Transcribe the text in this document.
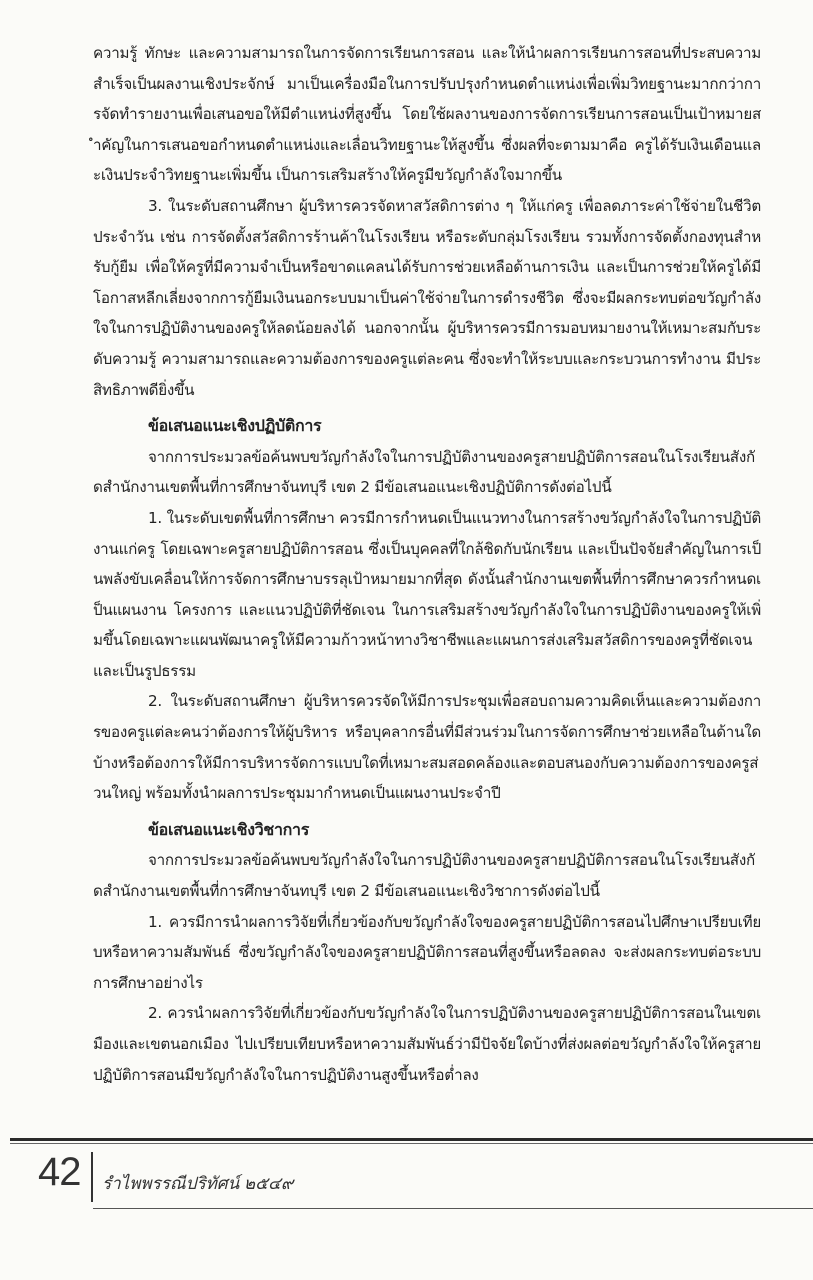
ความรู้ ทักษะ และความสามารถในการจัดการเรียนการสอน และให้นำผลการเรียนการสอนที่ประสบความสำเร็จเป็นผลงานเชิงประจักษ์ มาเป็นเครื่องมือในการปรับปรุงกำหนดตำแหน่งเพื่อเพิ่มวิทยฐานะมากกว่าการจัดทำรายงานเพื่อเสนอขอให้มีตำแหน่งที่สูงขึ้น โดยใช้ผลงานของการจัดการเรียนการสอนเป็นเป้าหมายสำคัญในการเสนอขอกำหนดตำแหน่งและเลื่อนวิทยฐานะให้สูงขึ้น ซึ่งผลที่จะตามมาคือ ครูได้รับเงินเดือนและเงินประจำวิทยฐานะเพิ่มขึ้น เป็นการเสริมสร้างให้ครูมีขวัญกำลังใจมากขึ้น

3. ในระดับสถานศึกษา ผู้บริหารควรจัดหาสวัสดิการต่าง ๆ ให้แก่ครู เพื่อลดภาระค่าใช้จ่ายในชีวิตประจำวัน เช่น การจัดตั้งสวัสดิการร้านค้าในโรงเรียน หรือระดับกลุ่มโรงเรียน รวมทั้งการจัดตั้งกองทุนสำหรับกู้ยืม เพื่อให้ครูที่มีความจำเป็นหรือขาดแคลนได้รับการช่วยเหลือด้านการเงิน และเป็นการช่วยให้ครูได้มีโอกาสหลีกเลี่ยงจากการกู้ยืมเงินนอกระบบมาเป็นค่าใช้จ่ายในการดำรงชีวิต ซึ่งจะมีผลกระทบต่อขวัญกำลังใจในการปฏิบัติงานของครูให้ลดน้อยลงได้ นอกจากนั้น ผู้บริหารควรมีการมอบหมายงานให้เหมาะสมกับระดับความรู้ ความสามารถและความต้องการของครูแต่ละคน ซึ่งจะทำให้ระบบและกระบวนการทำงาน มีประสิทธิภาพดียิ่งขึ้น

ข้อเสนอแนะเชิงปฏิบัติการ

จากการประมวลข้อค้นพบขวัญกำลังใจในการปฏิบัติงานของครูสายปฏิบัติการสอนในโรงเรียนสังกัดสำนักงานเขตพื้นที่การศึกษาจันทบุรี เขต 2 มีข้อเสนอแนะเชิงปฏิบัติการดังต่อไปนี้

1. ในระดับเขตพื้นที่การศึกษา ควรมีการกำหนดเป็นแนวทางในการสร้างขวัญกำลังใจในการปฏิบัติงานแก่ครู โดยเฉพาะครูสายปฏิบัติการสอน ซึ่งเป็นบุคคลที่ใกล้ชิดกับนักเรียน และเป็นปัจจัยสำคัญในการเป็นพลังขับเคลื่อนให้การจัดการศึกษาบรรลุเป้าหมายมากที่สุด ดังนั้นสำนักงานเขตพื้นที่การศึกษาควรกำหนดเป็นแผนงาน โครงการ และแนวปฏิบัติที่ชัดเจน ในการเสริมสร้างขวัญกำลังใจในการปฏิบัติงานของครูให้เพิ่มขึ้นโดยเฉพาะแผนพัฒนาครูให้มีความก้าวหน้าทางวิชาชีพและแผนการส่งเสริมสวัสดิการของครูที่ชัดเจนและเป็นรูปธรรม

2. ในระดับสถานศึกษา ผู้บริหารควรจัดให้มีการประชุมเพื่อสอบถามความคิดเห็นและความต้องการของครูแต่ละคนว่าต้องการให้ผู้บริหาร หรือบุคลากรอื่นที่มีส่วนร่วมในการจัดการศึกษาช่วยเหลือในด้านใดบ้างหรือต้องการให้มีการบริหารจัดการแบบใดที่เหมาะสมสอดคล้องและตอบสนองกับความต้องการของครูส่วนใหญ่ พร้อมทั้งนำผลการประชุมมากำหนดเป็นแผนงานประจำปี

ข้อเสนอแนะเชิงวิชาการ

จากการประมวลข้อค้นพบขวัญกำลังใจในการปฏิบัติงานของครูสายปฏิบัติการสอนในโรงเรียนสังกัดสำนักงานเขตพื้นที่การศึกษาจันทบุรี เขต 2 มีข้อเสนอแนะเชิงวิชาการดังต่อไปนี้

1. ควรมีการนำผลการวิจัยที่เกี่ยวข้องกับขวัญกำลังใจของครูสายปฏิบัติการสอนไปศึกษาเปรียบเทียบหรือหาความสัมพันธ์ ซึ่งขวัญกำลังใจของครูสายปฏิบัติการสอนที่สูงขึ้นหรือลดลง จะส่งผลกระทบต่อระบบการศึกษาอย่างไร

2. ควรนำผลการวิจัยที่เกี่ยวข้องกับขวัญกำลังใจในการปฏิบัติงานของครูสายปฏิบัติการสอนในเขตเมืองและเขตนอกเมือง ไปเปรียบเทียบหรือหาความสัมพันธ์ว่ามีปัจจัยใดบ้างที่ส่งผลต่อขวัญกำลังใจให้ครูสายปฏิบัติการสอนมีขวัญกำลังใจในการปฏิบัติงานสูงขึ้นหรือต่ำลง

42 รำไพพรรณีปริทัศน์ ๒๕๔๙
